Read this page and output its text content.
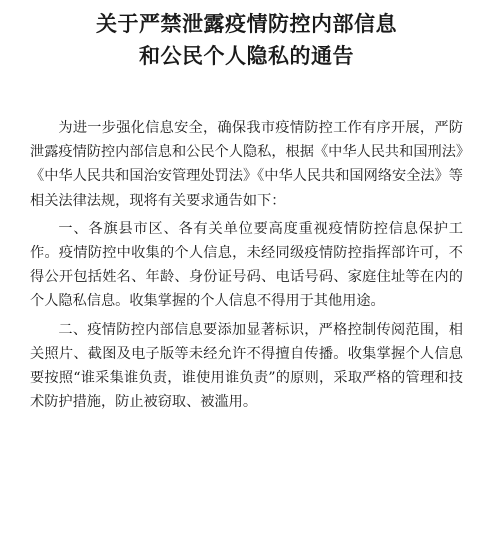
关于严禁泄露疫情防控内部信息
和公民个人隐私的通告

为进一步强化信息安全，确保我市疫情防控工作有序开展，严防泄露疫情防控内部信息和公民个人隐私，根据《中华人民共和国刑法》《中华人民共和国治安管理处罚法》《中华人民共和国网络安全法》等相关法律法规，现将有关要求通告如下：

一、各旗县市区、各有关单位要高度重视疫情防控信息保护工作。疫情防控中收集的个人信息，未经同级疫情防控指挥部许可，不得公开包括姓名、年龄、身份证号码、电话号码、家庭住址等在内的个人隐私信息。收集掌握的个人信息不得用于其他用途。

二、疫情防控内部信息要添加显著标识，严格控制传阅范围，相关照片、截图及电子版等未经允许不得擅自传播。收集掌握个人信息要按照“谁采集谁负责，谁使用谁负责”的原则，采取严格的管理和技术防护措施，防止被窃取、被滥用。
